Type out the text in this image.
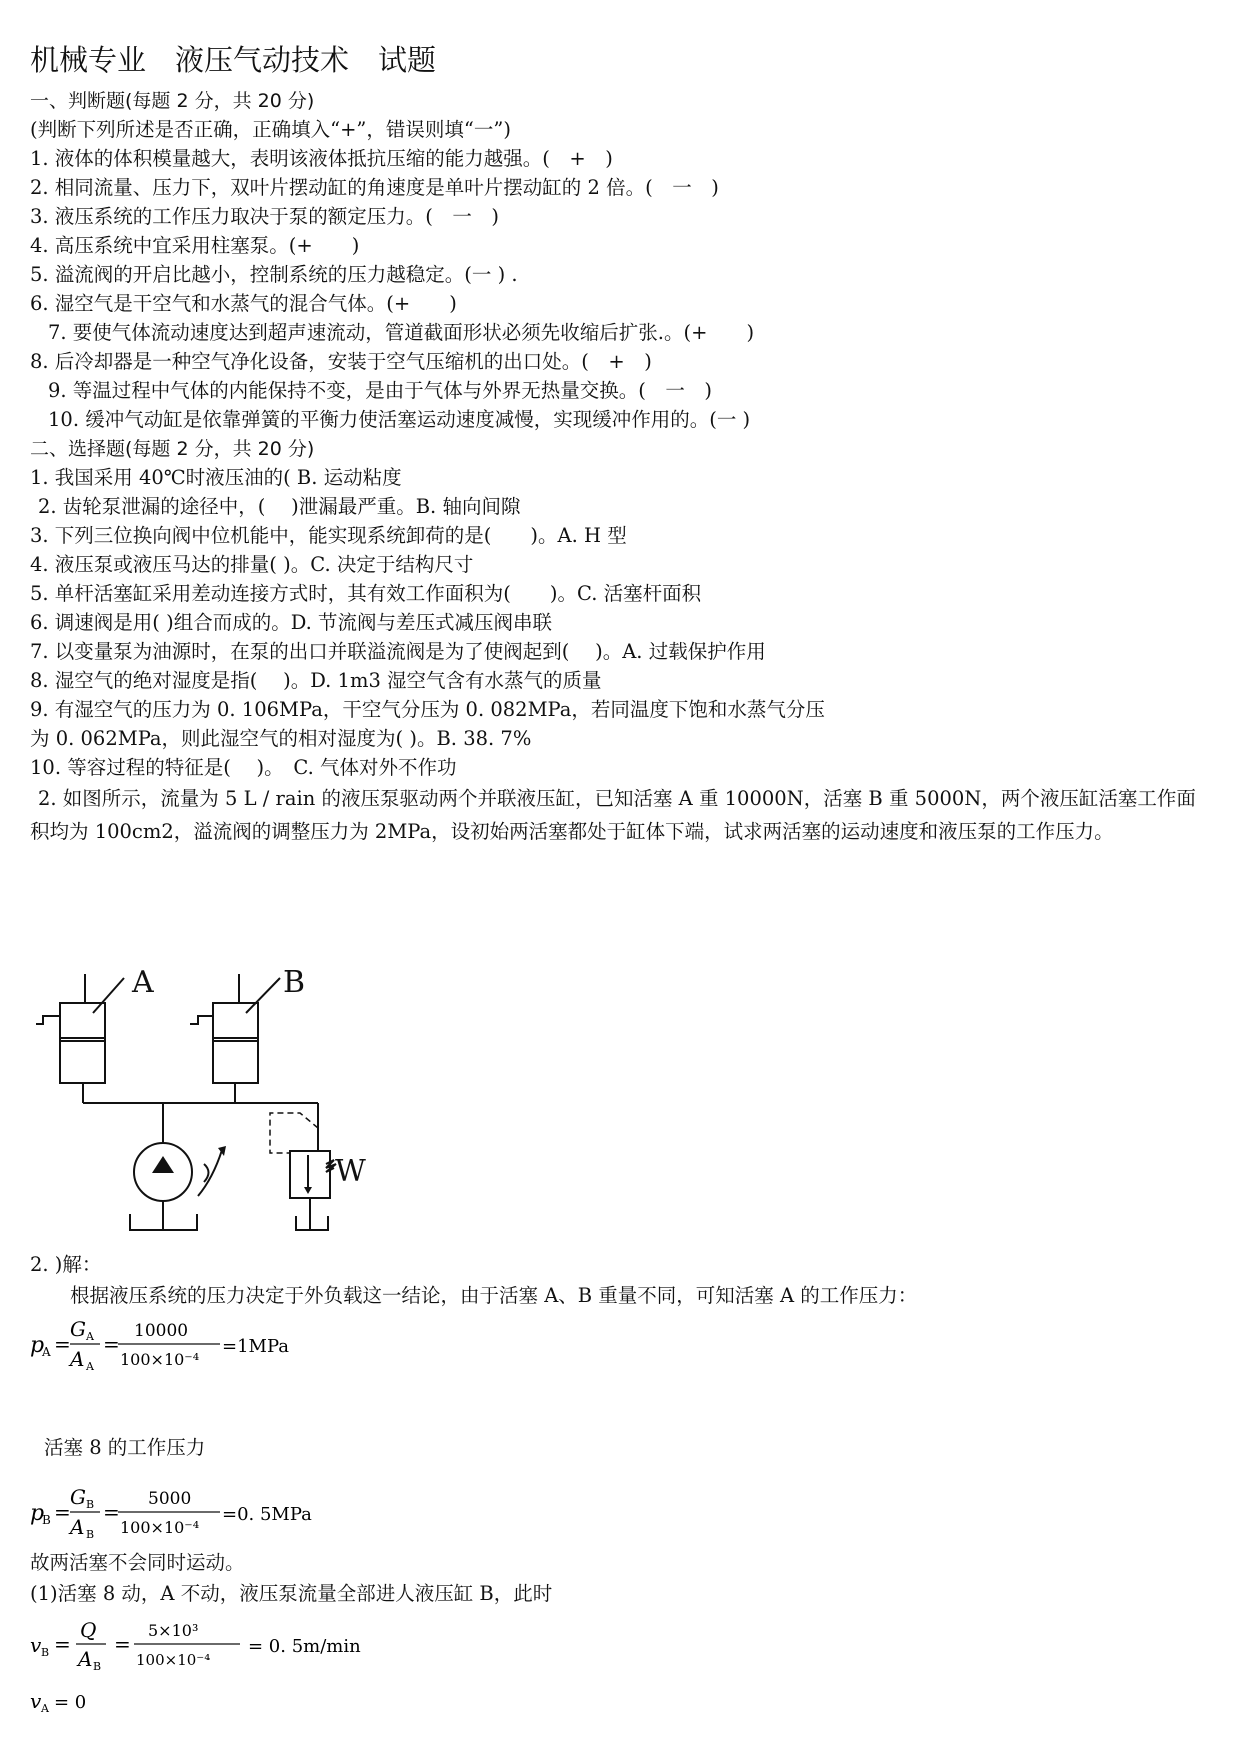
机械专业　液压气动技术　试题
一、判断题(每题 2 分，共 20 分)
(判断下列所述是否正确，正确填入“+”，错误则填“一”)
1. 液体的体积模量越大，表明该液体抵抗压缩的能力越强。(　+　)
2. 相同流量、压力下，双叶片摆动缸的角速度是单叶片摆动缸的 2 倍。(　一　)
3. 液压系统的工作压力取决于泵的额定压力。(　一　)
4. 高压系统中宜采用柱塞泵。(+　　)
5. 溢流阀的开启比越小，控制系统的压力越稳定。(一 ) .
6. 湿空气是干空气和水蒸气的混合气体。(+　　)
7. 要使气体流动速度达到超声速流动，管道截面形状必须先收缩后扩张.。(+　　)
8. 后冷却器是一种空气净化设备，安装于空气压缩机的出口处。(　+　)
9. 等温过程中气体的内能保持不变，是由于气体与外界无热量交换。(　一　)
10. 缓冲气动缸是依靠弹簧的平衡力使活塞运动速度减慢，实现缓冲作用的。(一 )
二、选择题(每题 2 分，共 20 分)
1. 我国采用 40℃时液压油的( B. 运动粘度
2. 齿轮泵泄漏的途径中，(　 )泄漏最严重。B. 轴向间隙
3. 下列三位换向阀中位机能中，能实现系统卸荷的是(　　)。A. H 型
4. 液压泵或液压马达的排量( )。C. 决定于结构尺寸
5. 单杆活塞缸采用差动连接方式时，其有效工作面积为(　　)。C. 活塞杆面积
6. 调速阀是用( )组合而成的。D. 节流阀与差压式减压阀串联
7. 以变量泵为油源时，在泵的出口并联溢流阀是为了使阀起到(　 )。A. 过载保护作用
8. 湿空气的绝对湿度是指(　 )。D. 1m3 湿空气含有水蒸气的质量
9. 有湿空气的压力为 0. 106MPa，干空气分压为 0. 082MPa，若同温度下饱和水蒸气分压
为 0. 062MPa，则此湿空气的相对湿度为( )。B. 38. 7%
10. 等容过程的特征是(　 )。　C. 气体对外不作功
2. 如图所示，流量为 5 L / rain 的液压泵驱动两个并联液压缸，已知活塞 A 重 10000N，活塞 B 重 5000N，两个液压缸活塞工作面积均为 100cm2，溢流阀的调整压力为 2MPa，设初始两活塞都处于缸体下端，试求两活塞的运动速度和液压泵的工作压力。
A	B
W
2. )解：
根据液压系统的压力决定于外负载这一结论，由于活塞 A、B 重量不同，可知活塞 A 的工作压力：
p
A =
G A
A A
=
10000
100×10⁻⁴
=1MPa
活塞 8 的工作压力
p
B =
G B
A B
=
5000
100×10⁻⁴
=0. 5MPa
故两活塞不会同时运动。
(1)活塞 8 动，A 不动，液压泵流量全部进人液压缸 B，此时
v B =
Q
A B
=
5×10³
100×10⁻⁴
= 0. 5m/min
v A = 0
